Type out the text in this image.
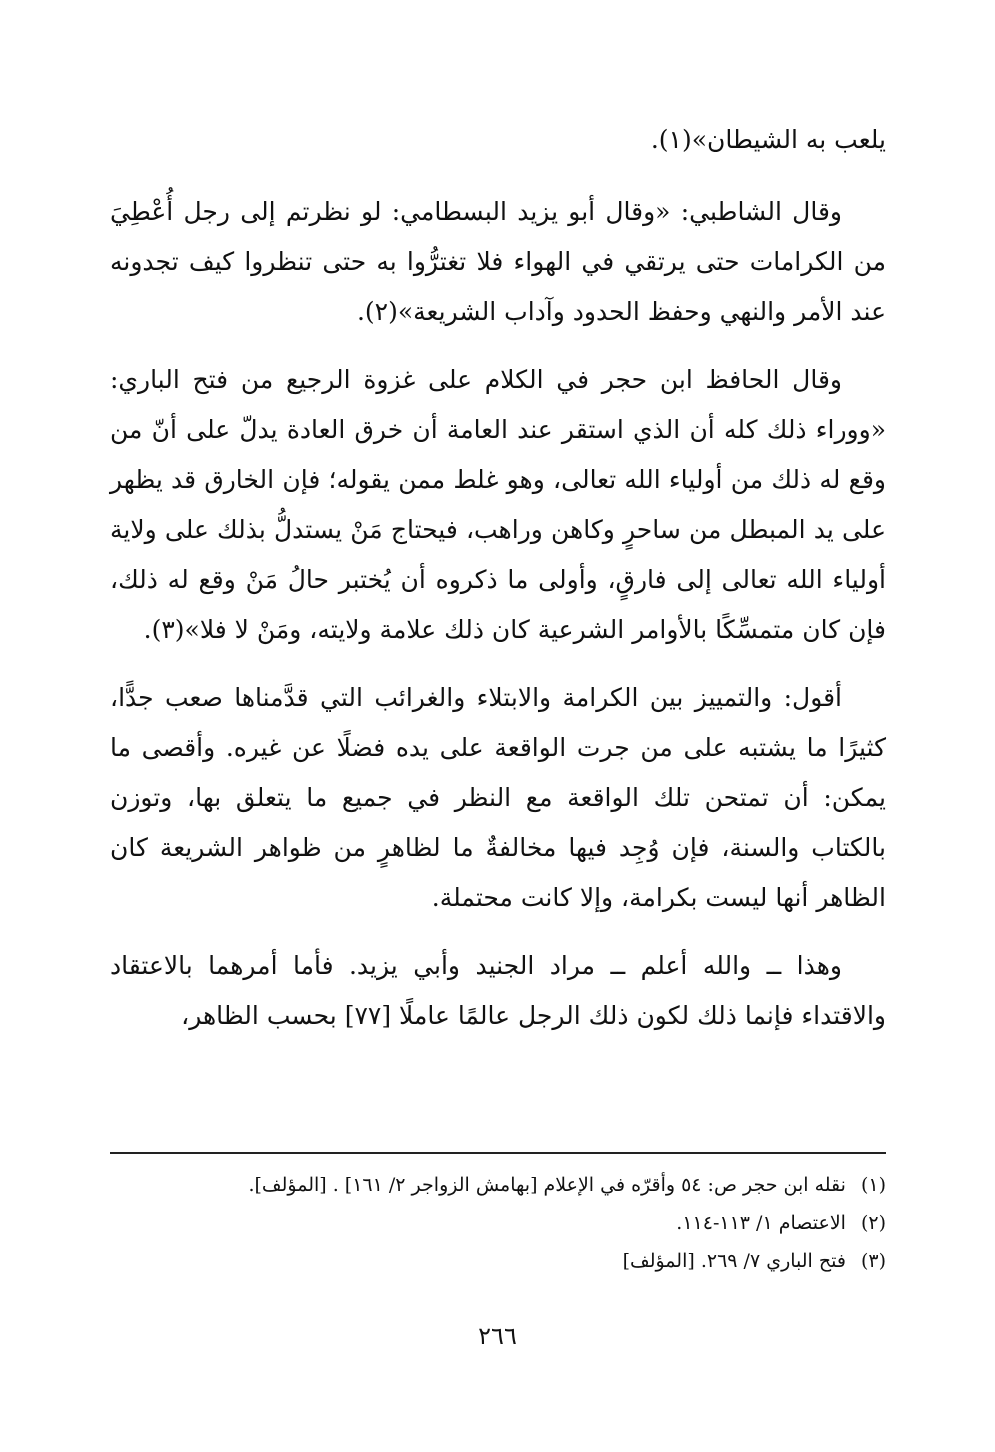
يلعب به الشيطان»(١).

وقال الشاطبي: «وقال أبو يزيد البسطامي: لو نظرتم إلى رجل أُعْطِيَ من الكرامات حتى يرتقي في الهواء فلا تغترُّوا به حتى تنظروا كيف تجدونه عند الأمر والنهي وحفظ الحدود وآداب الشريعة»(٢).

وقال الحافظ ابن حجر في الكلام على غزوة الرجيع من فتح الباري: «ووراء ذلك كله أن الذي استقر عند العامة أن خرق العادة يدلّ على أنّ من وقع له ذلك من أولياء الله تعالى، وهو غلط ممن يقوله؛ فإن الخارق قد يظهر على يد المبطل من ساحرٍ وكاهن وراهب، فيحتاج مَنْ يستدلُّ بذلك على ولاية أولياء الله تعالى إلى فارقٍ، وأولى ما ذكروه أن يُختبر حالُ مَنْ وقع له ذلك، فإن كان متمسِّكًا بالأوامر الشرعية كان ذلك علامة ولايته، ومَنْ لا فلا»(٣).

أقول: والتمييز بين الكرامة والابتلاء والغرائب التي قدَّمناها صعب جدًّا، كثيرًا ما يشتبه على من جرت الواقعة على يده فضلًا عن غيره. وأقصى ما يمكن: أن تمتحن تلك الواقعة مع النظر في جميع ما يتعلق بها، وتوزن بالكتاب والسنة، فإن وُجِد فيها مخالفةٌ ما لظاهرٍ من ظواهر الشريعة كان الظاهر أنها ليست بكرامة، وإلا كانت محتملة.

وهذا ــ والله أعلم ــ مراد الجنيد وأبي يزيد. فأما أمرهما بالاعتقاد والاقتداء فإنما ذلك لكون ذلك الرجل عالمًا عاملًا [٧٧] بحسب الظاهر،

(١) نقله ابن حجر ص: ٥٤ وأقرّه في الإعلام [بهامش الزواجر ٢/ ١٦١] . [المؤلف].

(٢) الاعتصام ١/ ١١٣-١١٤.

(٣) فتح الباري ٧/ ٢٦٩. [المؤلف]

٢٦٦
